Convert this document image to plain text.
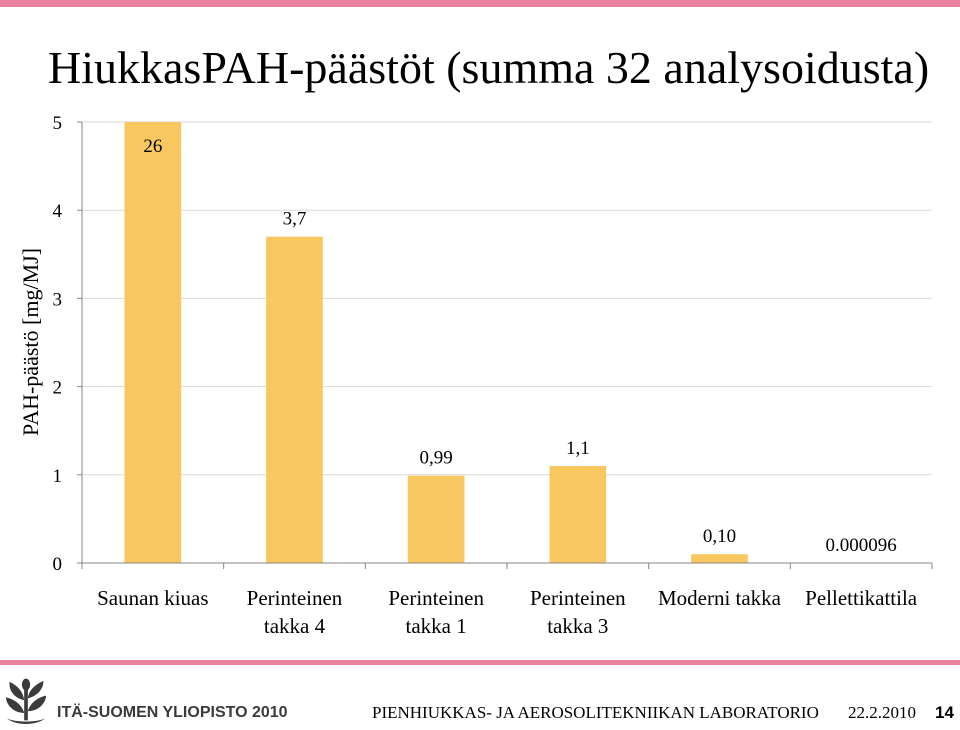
0
1
2
3
4
5
26
3,7
0,99	1,1
0,10	0.000096
PAH-päästö [mg/MJ]
HiukkasPAH-päästöt (summa 32 analysoidusta)
Saunan kiuas	Perinteinen takka 4
Perinteinen takka 1
Perinteinen takka 3
Moderni takka	Pellettikattila
ITÄ-SUOMEN YLIOPISTO 2010	PIENHIUKKAS- JA AEROSOLITEKNIIKAN LABORATORIO 22.2.2010 14
